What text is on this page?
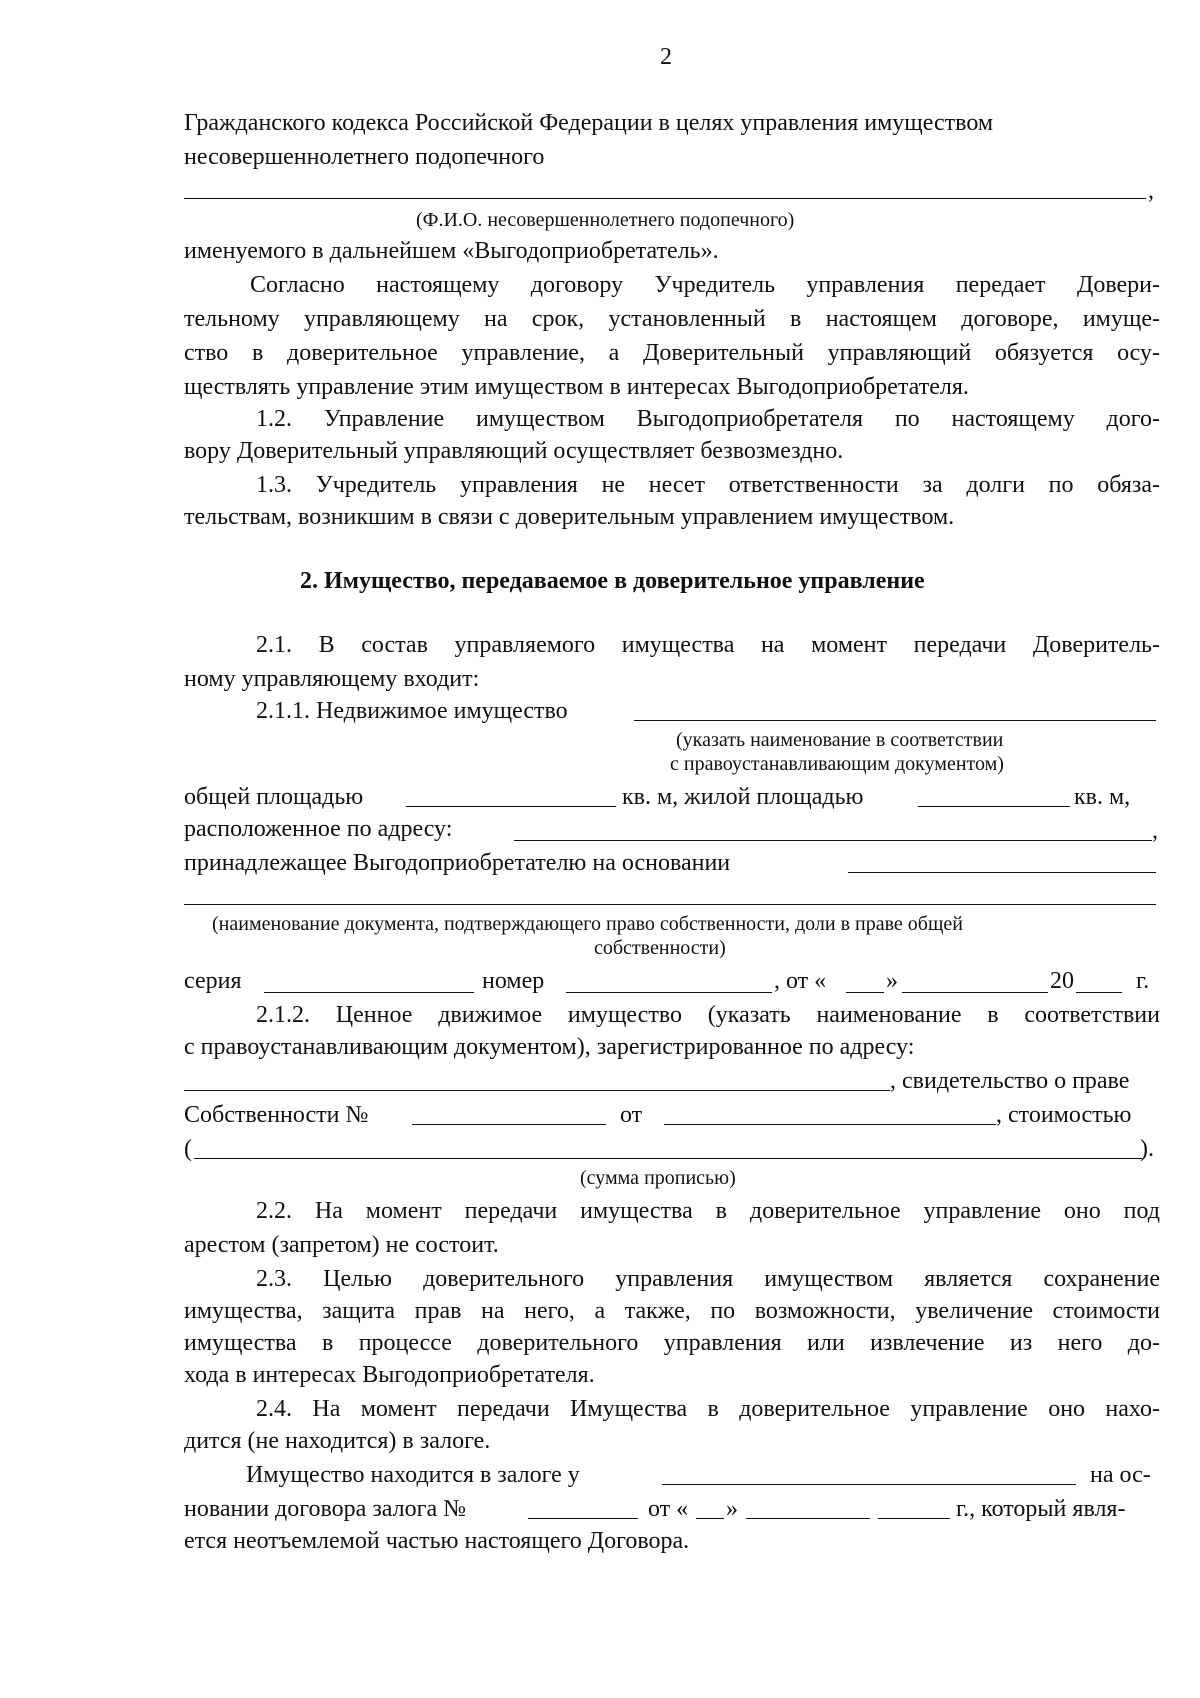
2
Гражданского кодекса Российской Федерации в целях управления имуществом
несовершеннолетнего подопечного
,
(Ф.И.О. несовершеннолетнего подопечного)
именуемого в дальнейшем «Выгодоприобретатель».
Согласно настоящему договору Учредитель управления передает Довери-
тельному управляющему на срок, установленный в настоящем договоре, имуще-
ство в доверительное управление, а Доверительный управляющий обязуется осу-
ществлять управление этим имуществом в интересах Выгодоприобретателя.
1.2. Управление имуществом Выгодоприобретателя по настоящему дого-
вору Доверительный управляющий осуществляет безвозмездно.
1.3. Учредитель управления не несет ответственности за долги по обяза-
тельствам, возникшим в связи с доверительным управлением имуществом.
2. Имущество, передаваемое в доверительное управление
2.1. В состав управляемого имущества на момент передачи Доверитель-
ному управляющему входит:
2.1.1. Недвижимое имущество
(указать наименование в соответствии
с правоустанавливающим документом)
общей площадью	кв. м, жилой площадью	кв. м,
расположенное по адресу:	,
принадлежащее Выгодоприобретателю на основании
(наименование документа, подтверждающего право собственности, доли в праве общей
собственности)
серия	номер	, от « »	20	г.
2.1.2. Ценное движимое имущество (указать наименование в соответствии
с правоустанавливающим документом), зарегистрированное по адресу:
, свидетельство о праве
Собственности №	от	, стоимостью
(	).
(сумма прописью)
2.2. На момент передачи имущества в доверительное управление оно под
арестом (запретом) не состоит.
2.3. Целью доверительного управления имуществом является сохранение
имущества, защита прав на него, а также, по возможности, увеличение стоимости
имущества в процессе доверительного управления или извлечение из него до-
хода в интересах Выгодоприобретателя.
2.4. На момент передачи Имущества в доверительное управление оно нахо-
дится (не находится) в залоге.
Имущество находится в залоге у	на ос-
новании договора залога №	от « »	г., который явля-
ется неотъемлемой частью настоящего Договора.
